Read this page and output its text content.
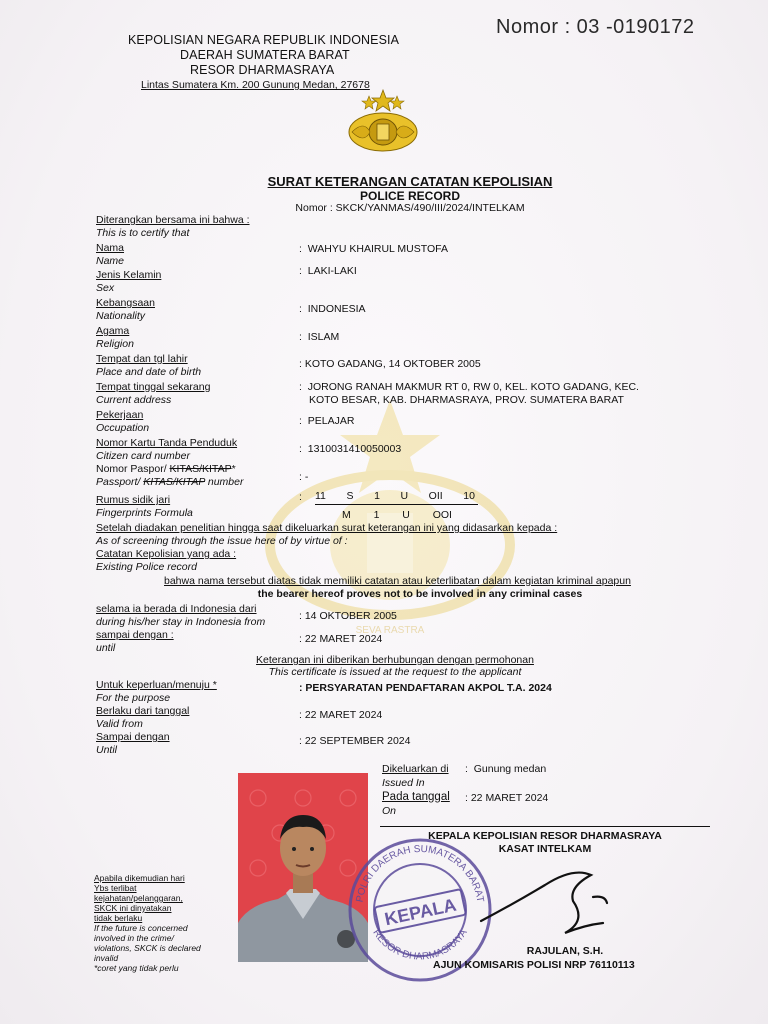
Nomor : 03 -0190172
KEPOLISIAN NEGARA REPUBLIK INDONESIA
DAERAH SUMATERA BARAT
RESOR DHARMASRAYA
Lintas Sumatera Km. 200 Gunung Medan, 27678
SURAT KETERANGAN CATATAN KEPOLISIAN
POLICE RECORD
Nomor : SKCK/YANMAS/490/III/2024/INTELKAM
SEVA RASTRA
Diterangkan bersama ini bahwa :
This is to certify that
Nama
Name
:  WAHYU KHAIRUL MUSTOFA
Jenis Kelamin
Sex
:  LAKI-LAKI
Kebangsaan
Nationality
:  INDONESIA
Agama
Religion
:  ISLAM
Tempat dan tgl lahir
Place and date of birth
: KOTO GADANG, 14 OKTOBER 2005
Tempat tinggal sekarang
Current address
:  JORONG RANAH MAKMUR RT 0, RW 0, KEL. KOTO GADANG, KEC.
KOTO BESAR, KAB. DHARMASRAYA, PROV. SUMATERA BARAT
Pekerjaan
Occupation
:  PELAJAR
Nomor Kartu Tanda Penduduk
Citizen card number
:  1310031410050003
Nomor Paspor/ KITAS/KITAP*
Passport/ KITAS/KITAP number	: -
Rumus sidik jari
Fingerprints Formula
: 11 S 1 U OII 10
M 1 U OOI
Setelah diadakan penelitian hingga saat dikeluarkan surat keterangan ini yang didasarkan kepada :
As of screening through the issue here of by virtue of :
Catatan Kepolisian yang ada :
Existing Police record
bahwa nama tersebut diatas tidak memiliki catatan atau keterlibatan dalam kegiatan kriminal apapun
the bearer hereof proves not to be involved in any criminal cases
selama ia berada di Indonesia dari
during his/her stay in Indonesia from	: 14 OKTOBER 2005
sampai dengan :
until
: 22 MARET 2024
Keterangan ini diberikan berhubungan dengan permohonan
This certificate is issued at the request to the applicant
Untuk keperluan/menuju *
For the purpose
: PERSYARATAN PENDAFTARAN AKPOL T.A. 2024
Berlaku dari tanggal
Valid from
: 22 MARET 2024
Sampai dengan
Until
: 22 SEPTEMBER 2024
Dikeluarkan di
Issued In
:  Gunung medan
Pada tanggal
On
: 22 MARET 2024
KEPALA KEPOLISIAN RESOR DHARMASRAYA
KASAT INTELKAM
POLRI DAERAH SUMATERA BARAT
RESOR DHARMASRAYA
KEPALA
RAJULAN, S.H.
AJUN KOMISARIS POLISI NRP 76110113
Apabila dikemudian hari
Ybs terlibat
kejahatan/pelanggaran,
SKCK ini dinyatakan
tidak berlaku
If the future is concerned
involved in the crime/
violations, SKCK is declared
invalid
*coret yang tidak perlu
